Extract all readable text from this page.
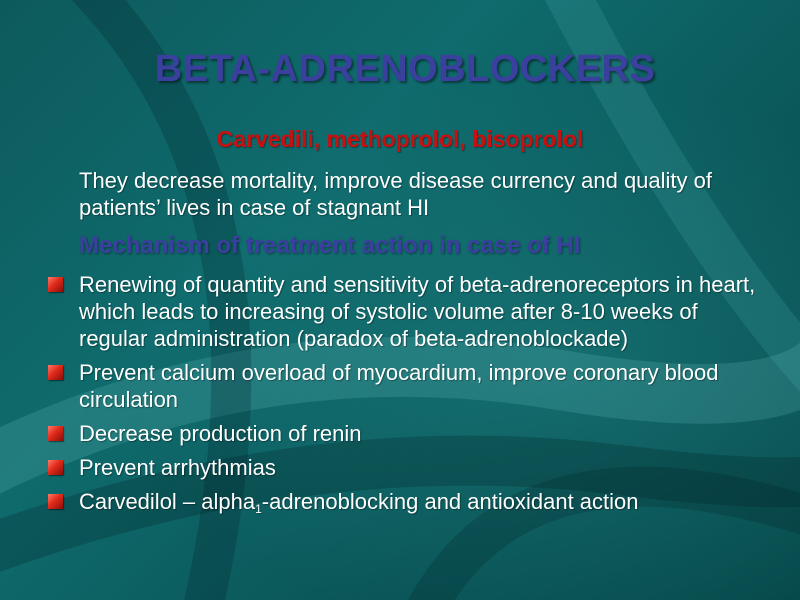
BETA-ADRENOBLOCKERS

Carvedili, methoprolol, bisoprolol

They decrease mortality, improve disease currency and quality of patients’ lives in case of stagnant HI

Mechanism of treatment action in case of HI

Renewing of quantity and sensitivity of beta-adrenoreceptors in heart, which leads to increasing of systolic volume after 8-10 weeks of regular administration (paradox of beta-adrenoblockade)
Prevent calcium overload of myocardium, improve coronary blood circulation
Decrease production of renin
Prevent arrhythmias
Carvedilol – alpha$_1$-adrenoblocking and antioxidant action
